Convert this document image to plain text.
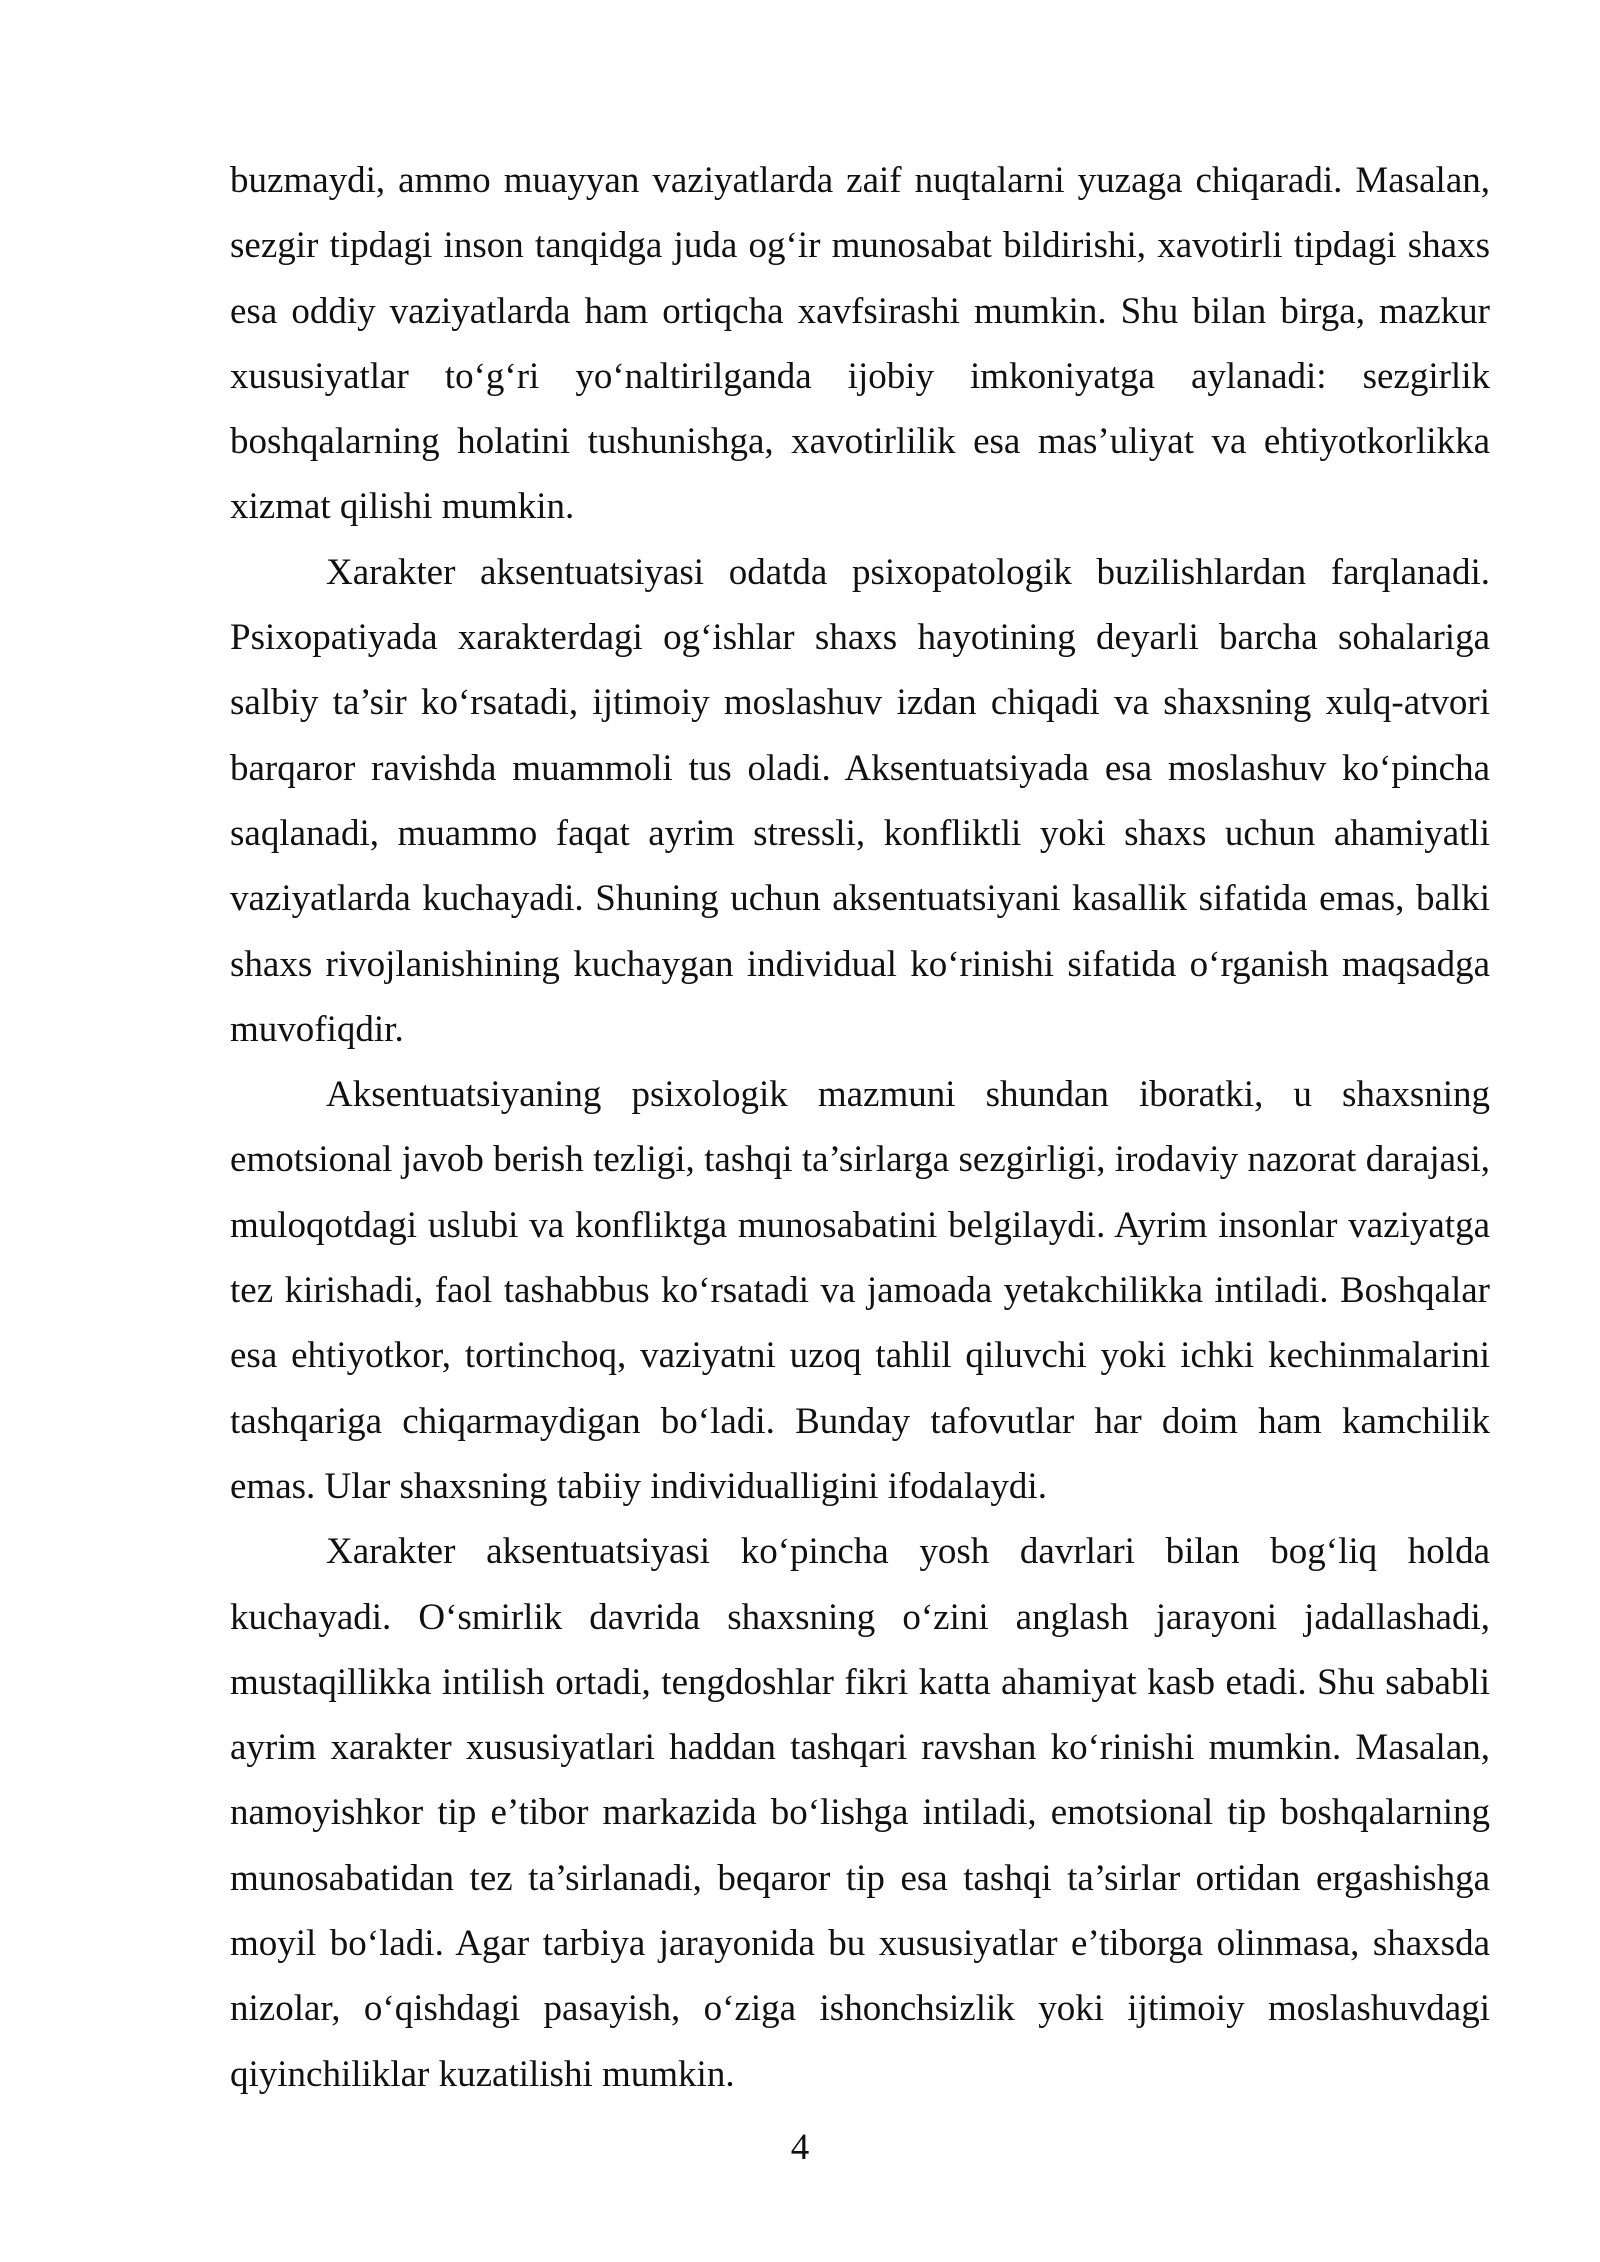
buzmaydi, ammo muayyan vaziyatlarda zaif nuqtalarni yuzaga chiqaradi. Masalan, sezgir tipdagi inson tanqidga juda og‘ir munosabat bildirishi, xavotirli tipdagi shaxs esa oddiy vaziyatlarda ham ortiqcha xavfsirashi mumkin. Shu bilan birga, mazkur xususiyatlar to‘g‘ri yo‘naltirilganda ijobiy imkoniyatga aylanadi: sezgirlik boshqalarning holatini tushunishga, xavotirlilik esa mas’uliyat va ehtiyotkorlikka xizmat qilishi mumkin.

Xarakter aksentuatsiyasi odatda psixopatologik buzilishlardan farqlanadi. Psixopatiyada xarakterdagi og‘ishlar shaxs hayotining deyarli barcha sohalariga salbiy ta’sir ko‘rsatadi, ijtimoiy moslashuv izdan chiqadi va shaxsning xulq-atvori barqaror ravishda muammoli tus oladi. Aksentuatsiyada esa moslashuv ko‘pincha saqlanadi, muammo faqat ayrim stressli, konfliktli yoki shaxs uchun ahamiyatli vaziyatlarda kuchayadi. Shuning uchun aksentuatsiyani kasallik sifatida emas, balki shaxs rivojlanishining kuchaygan individual ko‘rinishi sifatida o‘rganish maqsadga muvofiqdir.

Aksentuatsiyaning psixologik mazmuni shundan iboratki, u shaxsning emotsional javob berish tezligi, tashqi ta’sirlarga sezgirligi, irodaviy nazorat darajasi, muloqotdagi uslubi va konfliktga munosabatini belgilaydi. Ayrim insonlar vaziyatga tez kirishadi, faol tashabbus ko‘rsatadi va jamoada yetakchilikka intiladi. Boshqalar esa ehtiyotkor, tortinchoq, vaziyatni uzoq tahlil qiluvchi yoki ichki kechinmalarini tashqariga chiqarmaydigan bo‘ladi. Bunday tafovutlar har doim ham kamchilik emas. Ular shaxsning tabiiy individualligini ifodalaydi.

Xarakter aksentuatsiyasi ko‘pincha yosh davrlari bilan bog‘liq holda kuchayadi. O‘smirlik davrida shaxsning o‘zini anglash jarayoni jadallashadi, mustaqillikka intilish ortadi, tengdoshlar fikri katta ahamiyat kasb etadi. Shu sababli ayrim xarakter xususiyatlari haddan tashqari ravshan ko‘rinishi mumkin. Masalan, namoyishkor tip e’tibor markazida bo‘lishga intiladi, emotsional tip boshqalarning munosabatidan tez ta’sirlanadi, beqaror tip esa tashqi ta’sirlar ortidan ergashishga moyil bo‘ladi. Agar tarbiya jarayonida bu xususiyatlar e’tiborga olinmasa, shaxsda nizolar, o‘qishdagi pasayish, o‘ziga ishonchsizlik yoki ijtimoiy moslashuvdagi qiyinchiliklar kuzatilishi mumkin.

4
